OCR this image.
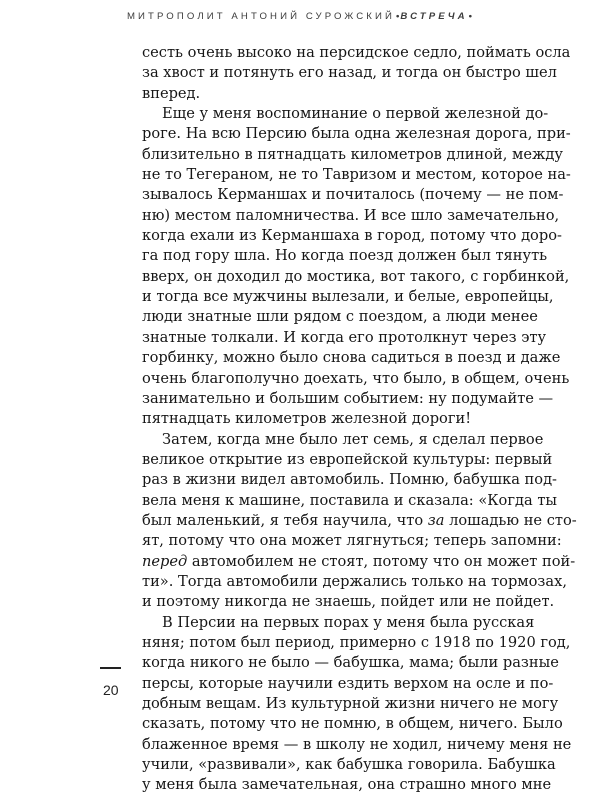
МИТРОПОЛИТ АНТОНИЙ СУРОЖСКИЙ•ВСТРЕЧА•
сесть очень высоко на персидское седло, поймать осла
за хвост и потянуть его назад, и тогда он быстро шел
вперед.
Еще у меня воспоминание о первой железной до-
роге. На всю Персию была одна железная дорога, при-
близительно в пятнадцать километров длиной, между
не то Тегераном, не то Тавризом и местом, которое на-
зывалось Керманшах и почиталось (почему — не пом-
ню) местом паломничества. И все шло замечательно,
когда ехали из Керманшаха в город, потому что доро-
га под гору шла. Но когда поезд должен был тянуть
вверх, он доходил до мостика, вот такого, с горбинкой,
и тогда все мужчины вылезали, и белые, европейцы,
люди знатные шли рядом с поездом, а люди менее
знатные толкали. И когда его протолкнут через эту
горбинку, можно было снова садиться в поезд и даже
очень благополучно доехать, что было, в общем, очень
занимательно и большим событием: ну подумайте —
пятнадцать километров железной дороги!
Затем, когда мне было лет семь, я сделал первое
великое открытие из европейской культуры: первый
раз в жизни видел автомобиль. Помню, бабушка под-
вела меня к машине, поставила и сказала: «Когда ты
был маленький, я тебя научила, что за лошадью не сто-
ят, потому что она может лягнуться; теперь запомни:
перед автомобилем не стоят, потому что он может пой-
ти». Тогда автомобили держались только на тормозах,
и поэтому никогда не знаешь, пойдет или не пойдет.
В Персии на первых порах у меня была русская
няня; потом был период, примерно с 1918 по 1920 год,
когда никого не было — бабушка, мама; были разные
персы, которые научили ездить верхом на осле и по-
добным вещам. Из культурной жизни ничего не могу
сказать, потому что не помню, в общем, ничего. Было
блаженное время — в школу не ходил, ничему меня не
учили, «развивали», как бабушка говорила. Бабушка
у меня была замечательная, она страшно много мне
20
